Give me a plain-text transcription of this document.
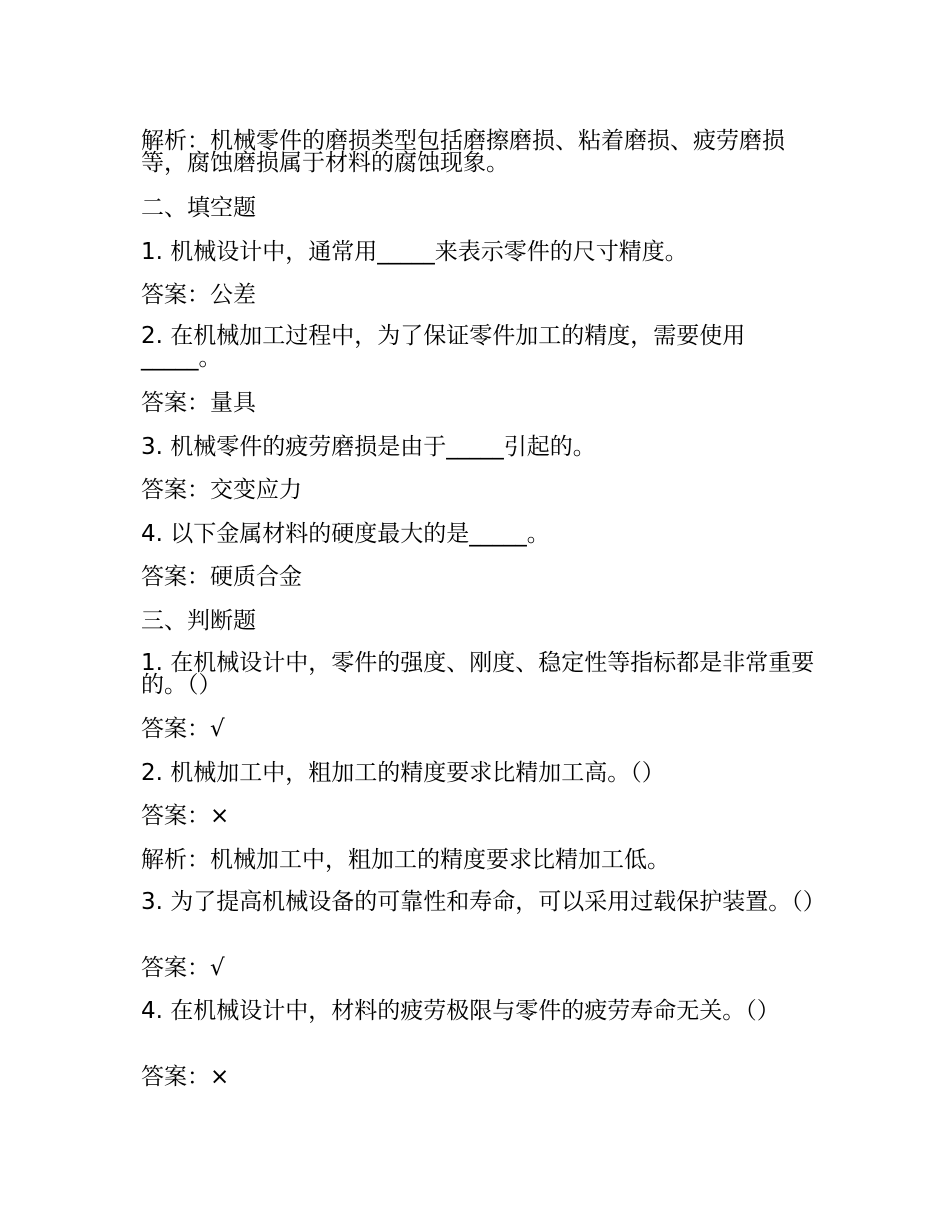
解析：机械零件的磨损类型包括磨擦磨损、粘着磨损、疲劳磨损等，腐蚀磨损属于材料的腐蚀现象。
二、填空题
1. 机械设计中，通常用_____来表示零件的尺寸精度。
答案：公差
2. 在机械加工过程中，为了保证零件加工的精度，需要使用_____。
答案：量具
3. 机械零件的疲劳磨损是由于_____引起的。
答案：交变应力
4. 以下金属材料的硬度最大的是_____。
答案：硬质合金
三、判断题
1. 在机械设计中，零件的强度、刚度、稳定性等指标都是非常重要的。（）
答案：√
2. 机械加工中，粗加工的精度要求比精加工高。（）
答案：×
解析：机械加工中，粗加工的精度要求比精加工低。
3. 为了提高机械设备的可靠性和寿命，可以采用过载保护装置。（）
答案：√
4. 在机械设计中，材料的疲劳极限与零件的疲劳寿命无关。（）
答案：×
